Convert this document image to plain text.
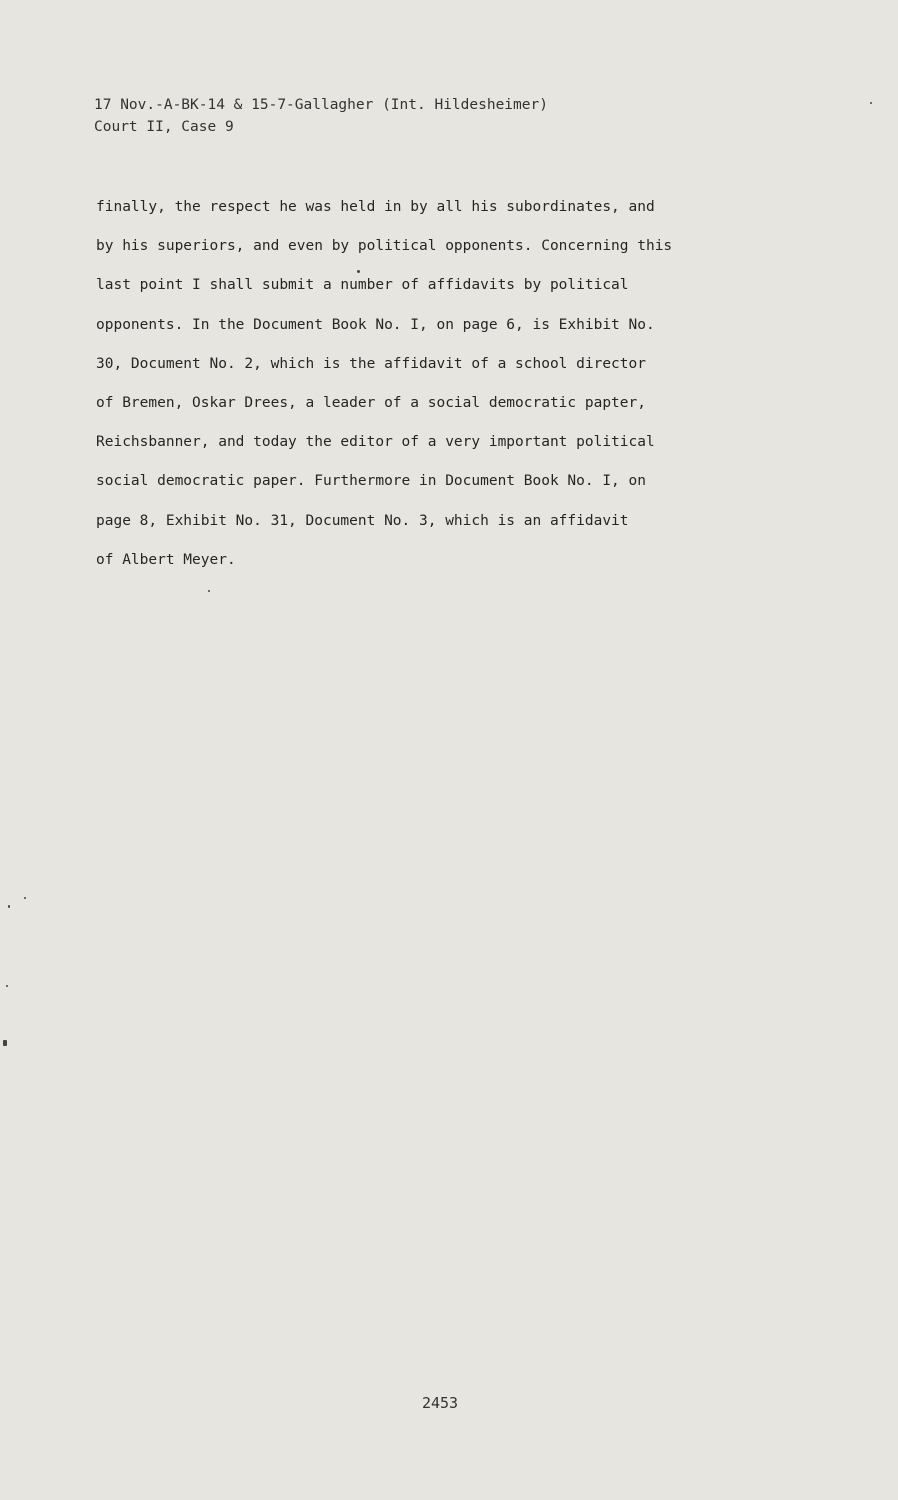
17 Nov.-A-BK-14 & 15-7-Gallagher (Int. Hildesheimer)
Court II, Case 9
finally, the respect he was held in by all his subordinates, and
by his superiors, and even by political opponents. Concerning this
last point I shall submit a number of affidavits by political
opponents. In the Document Book No. I, on page 6, is Exhibit No.
30, Document No. 2, which is the affidavit of a school director
of Bremen, Oskar Drees, a leader of a social democratic papter,
Reichsbanner, and today the editor of a very important political
social democratic paper. Furthermore in Document Book No. I, on
page 8, Exhibit No. 31, Document No. 3, which is an affidavit
of Albert Meyer.
2453
